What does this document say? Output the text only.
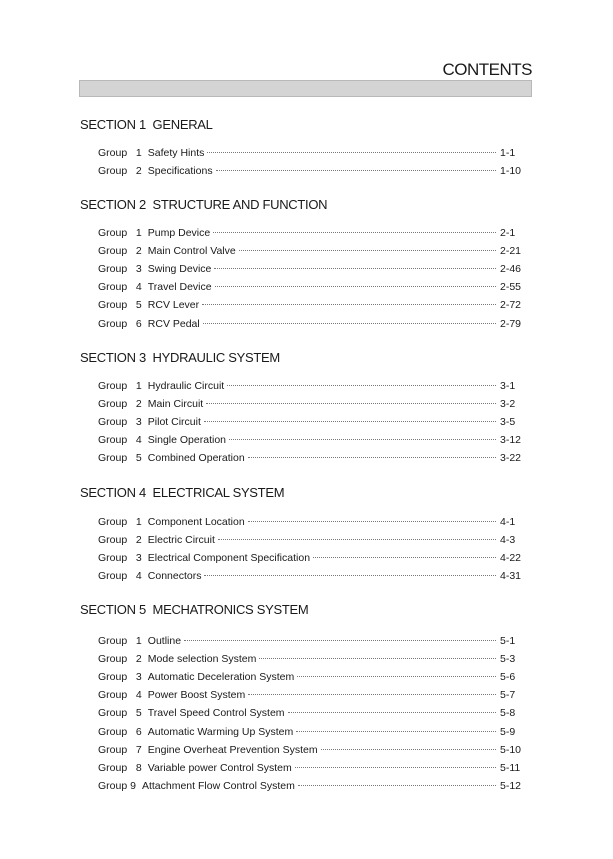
CONTENTS
SECTION 1  GENERAL
Group   1 Safety Hints	1-1
Group   2 Specifications	1-10
SECTION 2  STRUCTURE AND FUNCTION
Group   1 Pump Device	2-1
Group   2 Main Control Valve	2-21
Group   3 Swing Device	2-46
Group   4 Travel Device	2-55
Group   5 RCV Lever	2-72
Group   6 RCV Pedal	2-79
SECTION 3  HYDRAULIC SYSTEM
Group   1 Hydraulic Circuit	3-1
Group   2 Main Circuit	3-2
Group   3 Pilot Circuit	3-5
Group   4 Single Operation	3-12
Group   5 Combined Operation	3-22
SECTION 4  ELECTRICAL SYSTEM
Group   1 Component Location	4-1
Group   2 Electric Circuit	4-3
Group   3 Electrical Component Specification	4-22
Group   4 Connectors	4-31
SECTION 5  MECHATRONICS SYSTEM
Group   1 Outline	5-1
Group   2 Mode selection System	5-3
Group   3 Automatic Deceleration System	5-6
Group   4 Power Boost System	5-7
Group   5 Travel Speed Control System	5-8
Group   6 Automatic Warming Up System	5-9
Group   7 Engine Overheat Prevention System	5-10
Group   8 Variable power Control System	5-11
Group 9 Attachment Flow Control System	5-12
